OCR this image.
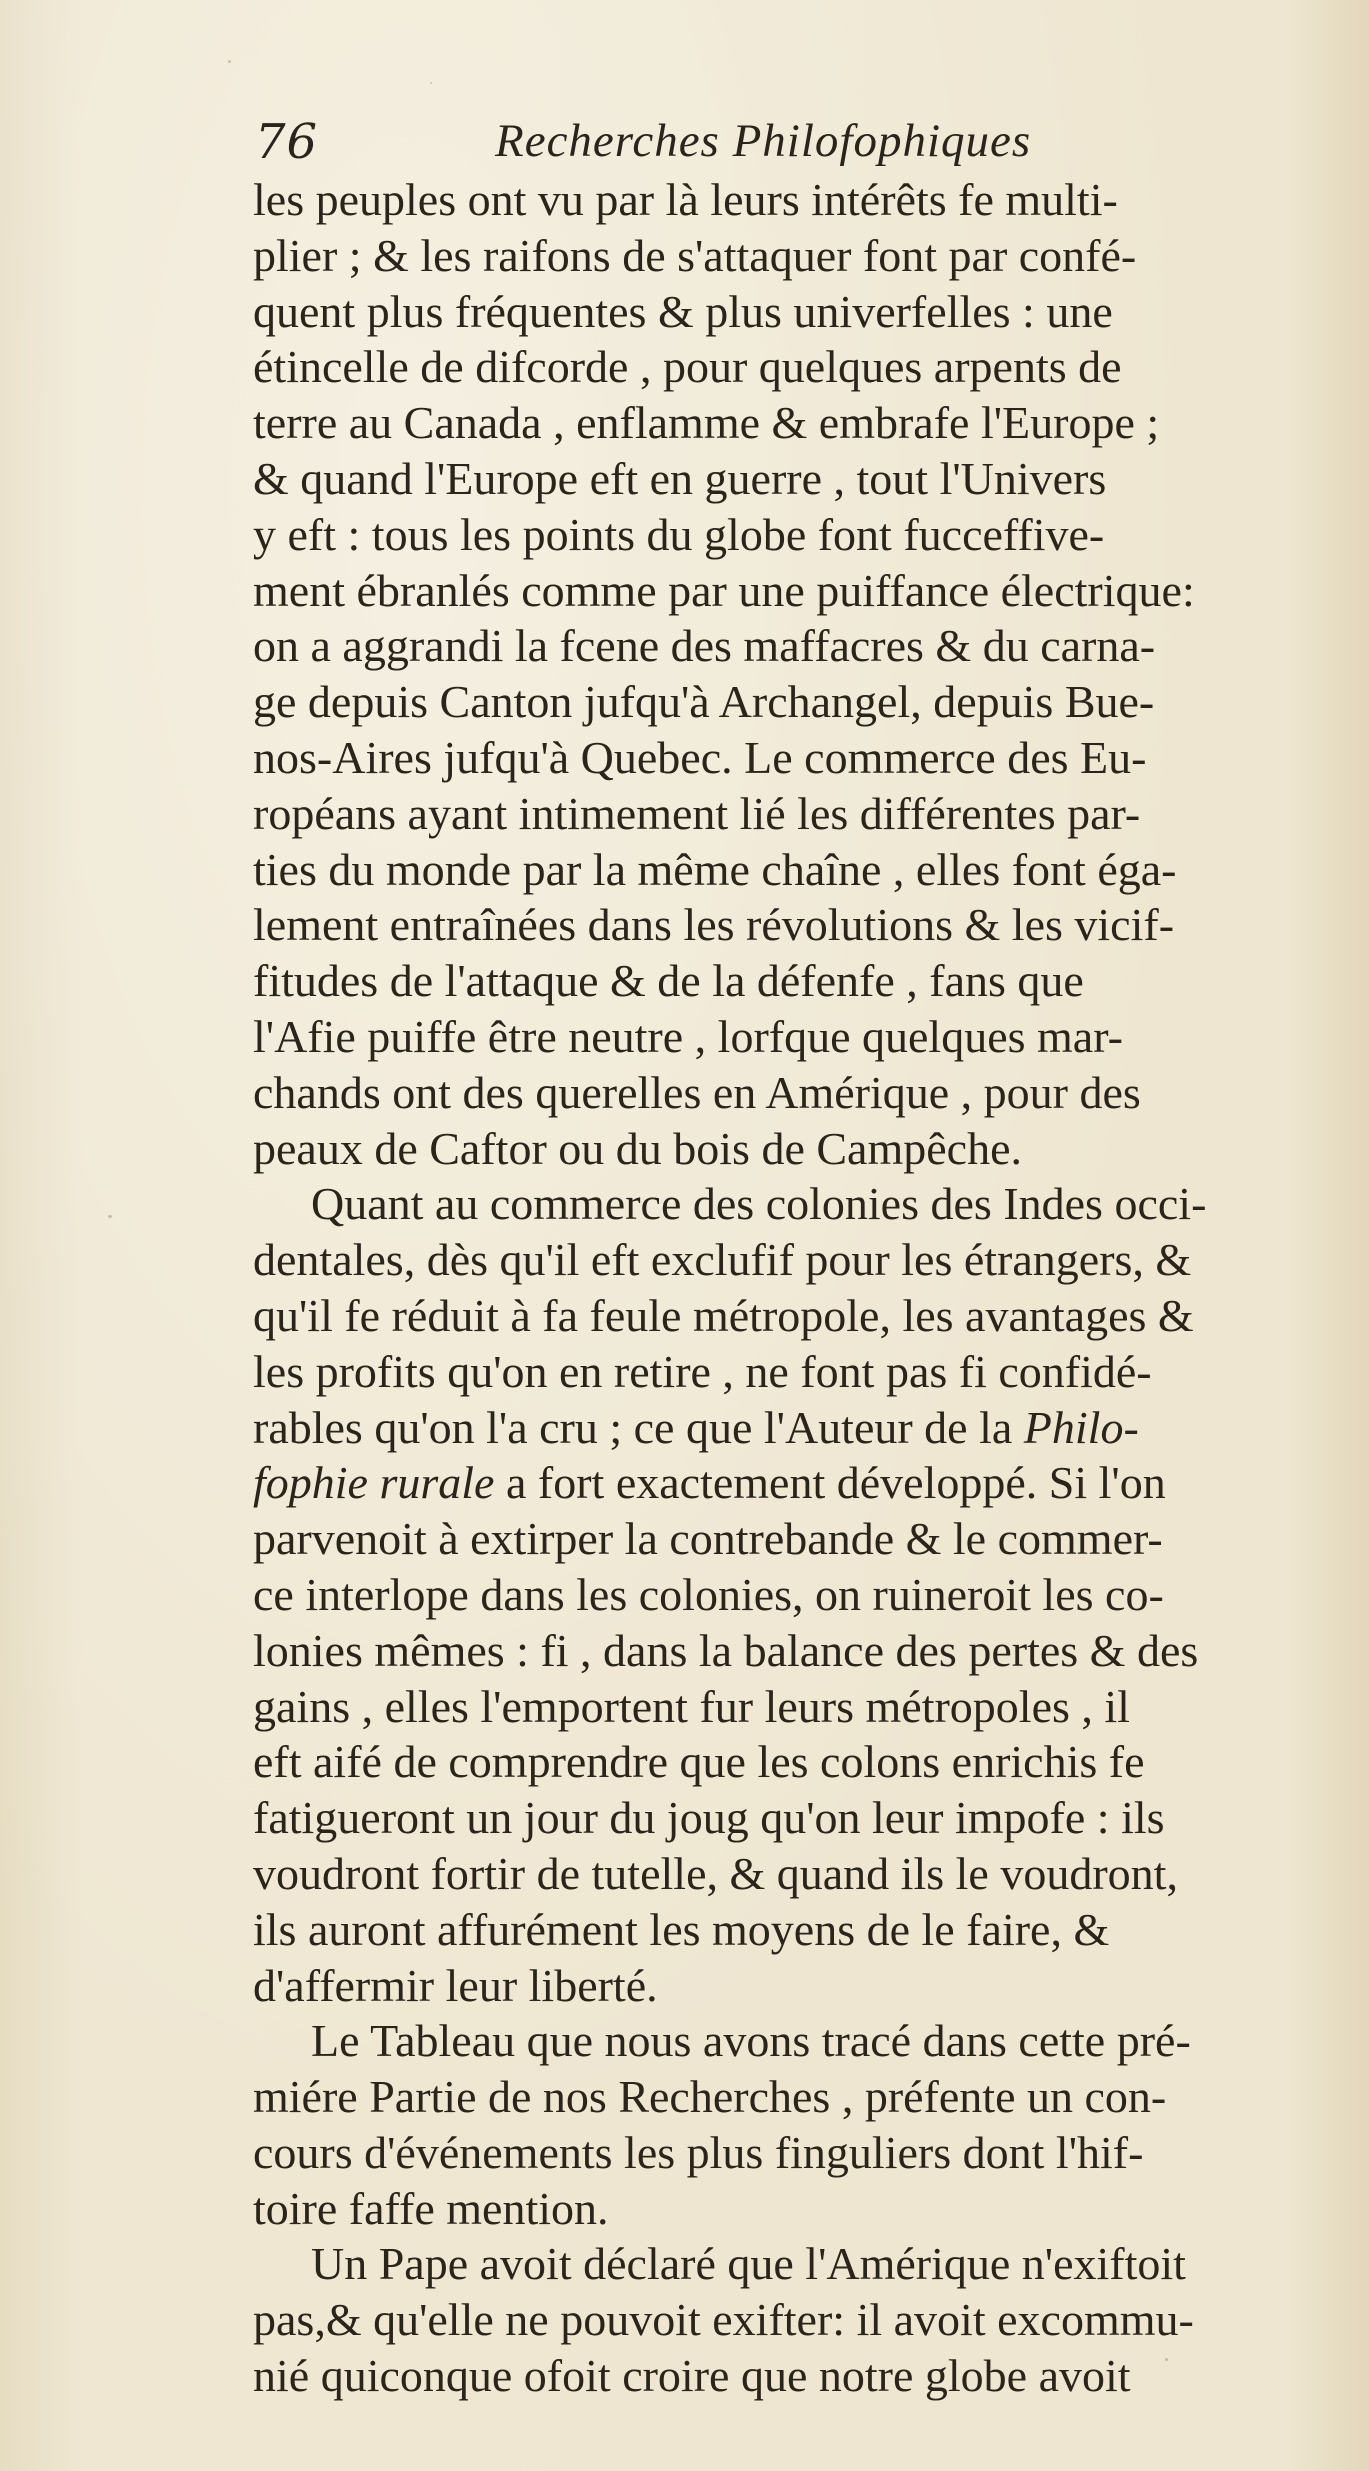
76	Recherches Philofophiques
les peuples ont vu par là leurs intérêts fe multi-
plier ; & les raifons de s'attaquer font par confé-
quent plus fréquentes & plus univerfelles : une
étincelle de difcorde , pour quelques arpents de
terre au Canada , enflamme & embrafe l'Europe ;
& quand l'Europe eft en guerre , tout l'Univers
y eft : tous les points du globe font fucceffive-
ment ébranlés comme par une puiffance électrique:
on a aggrandi la fcene des maffacres & du carna-
ge depuis Canton jufqu'à Archangel, depuis Bue-
nos-Aires jufqu'à Quebec. Le commerce des Eu-
ropéans ayant intimement lié les différentes par-
ties du monde par la même chaîne , elles font éga-
lement entraînées dans les révolutions & les vicif-
fitudes de l'attaque & de la défenfe , fans que
l'Afie puiffe être neutre , lorfque quelques mar-
chands ont des querelles en Amérique , pour des
peaux de Caftor ou du bois de Campêche.
Quant au commerce des colonies des Indes occi-
dentales, dès qu'il eft exclufif pour les étrangers, &
qu'il fe réduit à fa feule métropole, les avantages &
les profits qu'on en retire , ne font pas fi confidé-
rables qu'on l'a cru ; ce que l'Auteur de la Philo-
fophie rurale a fort exactement développé. Si l'on
parvenoit à extirper la contrebande & le commer-
ce interlope dans les colonies, on ruineroit les co-
lonies mêmes : fi , dans la balance des pertes & des
gains , elles l'emportent fur leurs métropoles , il
eft aifé de comprendre que les colons enrichis fe
fatigueront un jour du joug qu'on leur impofe : ils
voudront fortir de tutelle, & quand ils le voudront,
ils auront affurément les moyens de le faire, &
d'affermir leur liberté.
Le Tableau que nous avons tracé dans cette pré-
miére Partie de nos Recherches , préfente un con-
cours d'événements les plus finguliers dont l'hif-
toire faffe mention.
Un Pape avoit déclaré que l'Amérique n'exiftoit
pas,& qu'elle ne pouvoit exifter: il avoit excommu-
nié quiconque ofoit croire que notre globe avoit
